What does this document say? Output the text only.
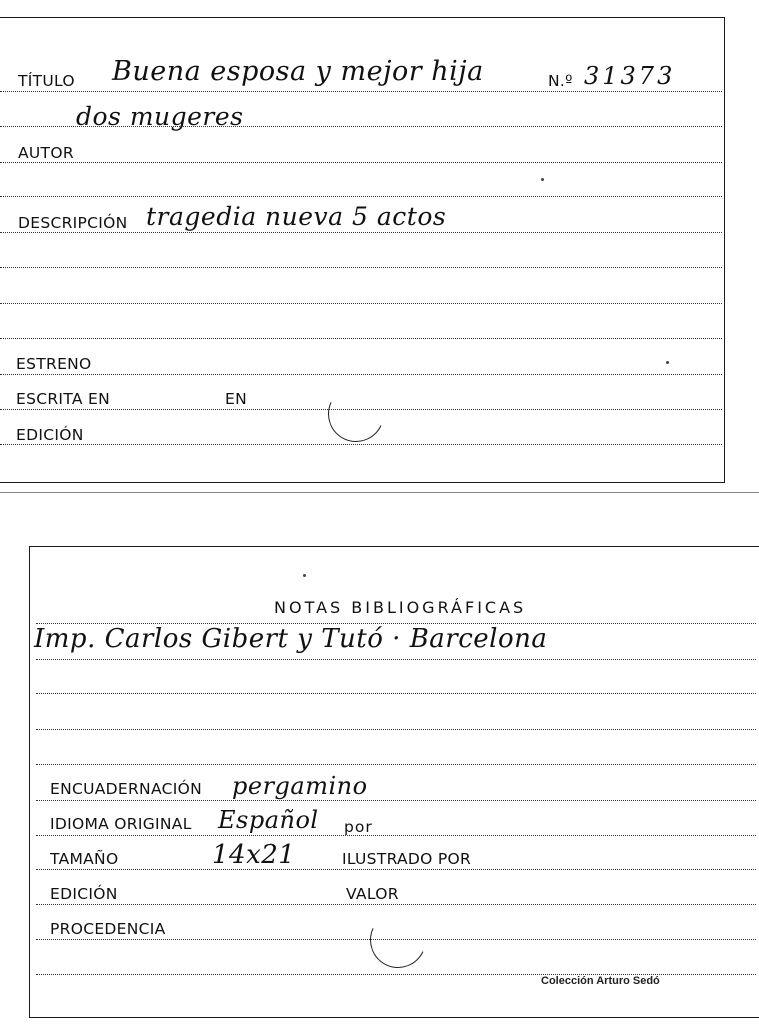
TÍTULO Buena esposa y mejor hija	N.º 31373
dos mugeres
AUTOR
DESCRIPCIÓN tragedia nueva 5 actos
ESTRENO
ESCRITA EN	EN
EDICIÓN
NOTAS BIBLIOGRÁFICAS
Imp. Carlos Gibert y Tutó · Barcelona
ENCUADERNACIÓN pergamino
IDIOMA ORIGINAL Español por
TAMAÑO	14x21	ILUSTRADO POR
EDICIÓN	VALOR
PROCEDENCIA
Colección Arturo Sedó
